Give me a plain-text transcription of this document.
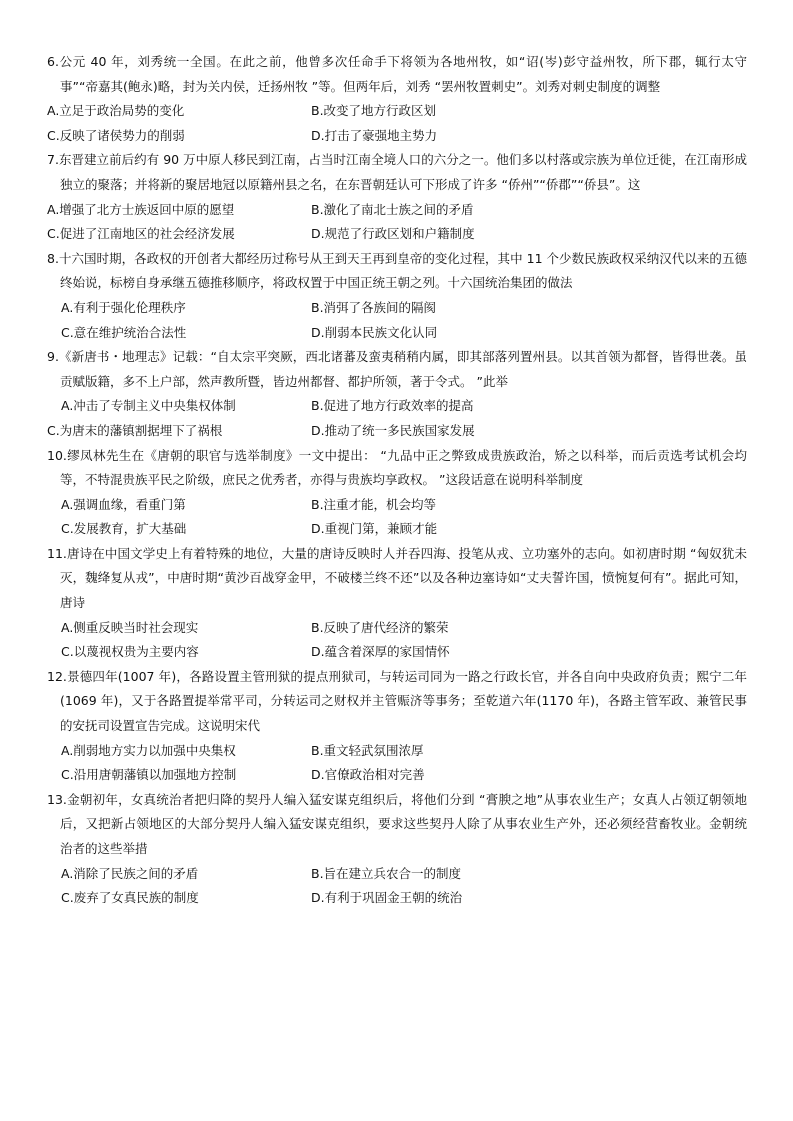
6.公元 40 年，刘秀统一全国。在此之前，他曾多次任命手下将领为各地州牧，如“诏(岑)彭守益州牧，所下郡，辄行太守事”“帝嘉其(鲍永)略，封为关内侯，迁扬州牧 ”等。但两年后，刘秀 “罢州牧置刺史”。刘秀对刺史制度的调整
A.立足于政治局势的变化	B.改变了地方行政区划
C.反映了诸侯势力的削弱	D.打击了豪强地主势力
7.东晋建立前后约有 90 万中原人移民到江南，占当时江南全境人口的六分之一。他们多以村落或宗族为单位迁徙，在江南形成独立的聚落；并将新的聚居地冠以原籍州县之名，在东晋朝廷认可下形成了许多 “侨州”“侨郡”“侨县”。这
A.增强了北方士族返回中原的愿望	B.激化了南北士族之间的矛盾
C.促进了江南地区的社会经济发展	D.规范了行政区划和户籍制度
8.十六国时期，各政权的开创者大都经历过称号从王到天王再到皇帝的变化过程，其中 11 个少数民族政权采纳汉代以来的五德终始说，标榜自身承继五德推移顺序，将政权置于中国正统王朝之列。十六国统治集团的做法
A.有利于强化伦理秩序	B.消弭了各族间的隔阂
C.意在维护统治合法性	D.削弱本民族文化认同
9.《新唐书・地理志》记载：“自太宗平突厥，西北诸蕃及蛮夷稍稍内属，即其部落列置州县。以其首领为都督，皆得世袭。虽贡赋版籍，多不上户部，然声教所暨，皆边州都督、都护所领，著于令式。 ”此举
A.冲击了专制主义中央集权体制	B.促进了地方行政效率的提高
C.为唐末的藩镇割据埋下了祸根	D.推动了统一多民族国家发展
10.缪凤林先生在《唐朝的职官与选举制度》一文中提出： “九品中正之弊致成贵族政治，矫之以科举，而后贡选考试机会均等，不特混贵族平民之阶级，庶民之优秀者，亦得与贵族均享政权。 ”这段话意在说明科举制度
A.强调血缘，看重门第	B.注重才能，机会均等
C.发展教育，扩大基础	D.重视门第，兼顾才能
11.唐诗在中国文学史上有着特殊的地位，大量的唐诗反映时人并吞四海、投笔从戎、立功塞外的志向。如初唐时期 “匈奴犹未灭，魏绛复从戎”，中唐时期“黄沙百战穿金甲，不破楼兰终不还”以及各种边塞诗如“丈夫誓许国，愤惋复何有”。据此可知，唐诗
A.侧重反映当时社会现实	B.反映了唐代经济的繁荣
C.以蔑视权贵为主要内容	D.蕴含着深厚的家国情怀
12.景德四年(1007 年)，各路设置主管刑狱的提点刑狱司，与转运司同为一路之行政长官，并各自向中央政府负责；熙宁二年(1069 年)，又于各路置提举常平司，分转运司之财权并主管赈济等事务；至乾道六年(1170 年)，各路主管军政、兼管民事的安抚司设置宣告完成。这说明宋代
A.削弱地方实力以加强中央集权	B.重文轻武氛围浓厚
C.沿用唐朝藩镇以加强地方控制	D.官僚政治相对完善
13.金朝初年，女真统治者把归降的契丹人编入猛安谋克组织后，将他们分到 “膏腴之地”从事农业生产；女真人占领辽朝领地后，又把新占领地区的大部分契丹人编入猛安谋克组织，要求这些契丹人除了从事农业生产外，还必须经营畜牧业。金朝统治者的这些举措
A.消除了民族之间的矛盾	B.旨在建立兵农合一的制度
C.废弃了女真民族的制度	D.有利于巩固金王朝的统治
